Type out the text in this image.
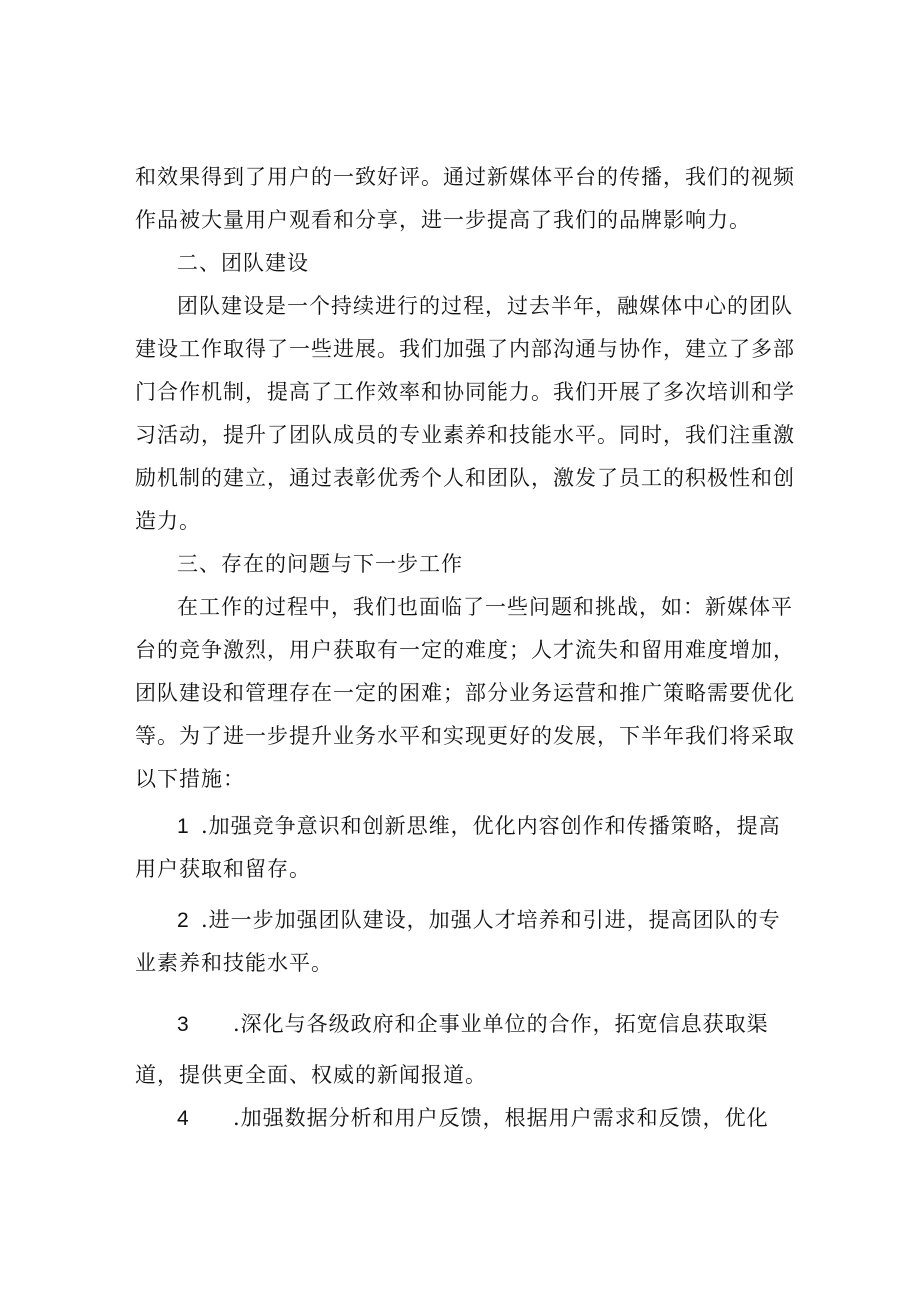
和效果得到了用户的一致好评。通过新媒体平台的传播，我们的视频

作品被大量用户观看和分享，进一步提高了我们的品牌影响力。

二、团队建设

团队建设是一个持续进行的过程，过去半年，融媒体中心的团队

建设工作取得了一些进展。我们加强了内部沟通与协作，建立了多部

门合作机制，提高了工作效率和协同能力。我们开展了多次培训和学

习活动，提升了团队成员的专业素养和技能水平。同时，我们注重激

励机制的建立，通过表彰优秀个人和团队，激发了员工的积极性和创

造力。

三、存在的问题与下一步工作

在工作的过程中，我们也面临了一些问题和挑战，如：新媒体平

台的竞争激烈，用户获取有一定的难度；人才流失和留用难度增加，

团队建设和管理存在一定的困难；部分业务运营和推广策略需要优化

等。为了进一步提升业务水平和实现更好的发展，下半年我们将采取

以下措施：

1 .加强竞争意识和创新思维，优化内容创作和传播策略，提高

用户获取和留存。

2 .进一步加强团队建设，加强人才培养和引进，提高团队的专

业素养和技能水平。

3 .深化与各级政府和企事业单位的合作，拓宽信息获取渠

道，提供更全面、权威的新闻报道。

4 .加强数据分析和用户反馈，根据用户需求和反馈，优化
